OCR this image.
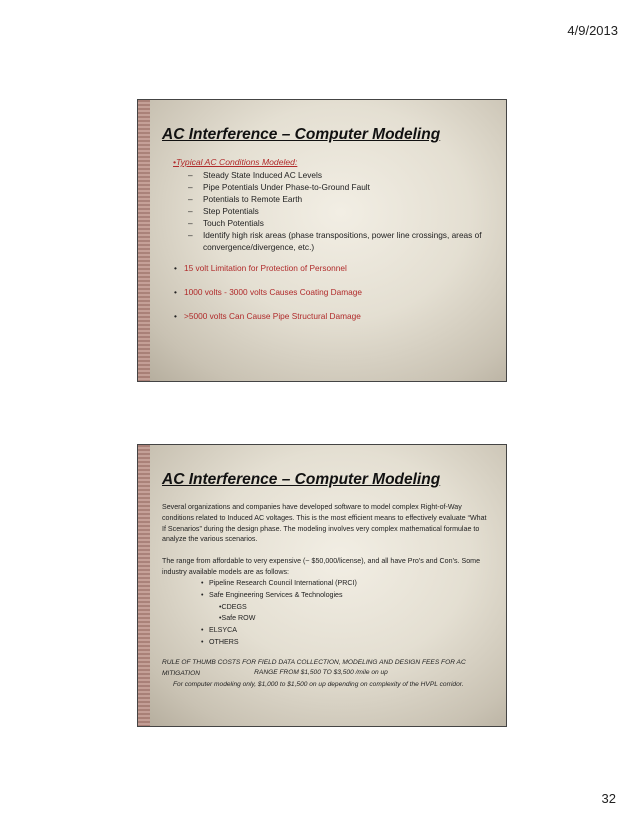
4/9/2013
AC Interference – Computer Modeling
•Typical AC Conditions Modeled:
– Steady State Induced AC Levels
– Pipe Potentials Under Phase-to-Ground Fault
– Potentials to Remote Earth
– Step Potentials
– Touch Potentials
– Identify high risk areas (phase transpositions, power line crossings, areas of convergence/divergence, etc.)
• 15 volt Limitation for Protection of Personnel
• 1000 volts - 3000 volts Causes Coating Damage
• >5000 volts Can Cause Pipe Structural Damage
AC Interference – Computer Modeling

Several organizations and companies have developed software to model complex Right-of-Way conditions related to Induced AC voltages. This is the most efficient means to effectively evaluate “What If Scenarios” during the design phase. The modeling involves very complex mathematical formulae to analyze the various scenarios.

The range from affordable to very expensive (~ $50,000/license), and all have Pro’s and Con’s. Some industry available models are as follows:

• Pipeline Research Council International (PRCI)
• Safe Engineering Services & Technologies
•CDEGS
•Safe ROW
• ELSYCA
• OTHERS

RULE OF THUMB COSTS FOR FIELD DATA COLLECTION, MODELING AND DESIGN FEES FOR AC MITIGATION	RANGE FROM $1,500 TO $3,500 /mile on up

For computer modeling only, $1,000 to $1,500 on up depending on complexity of the HVPL corridor.

32
